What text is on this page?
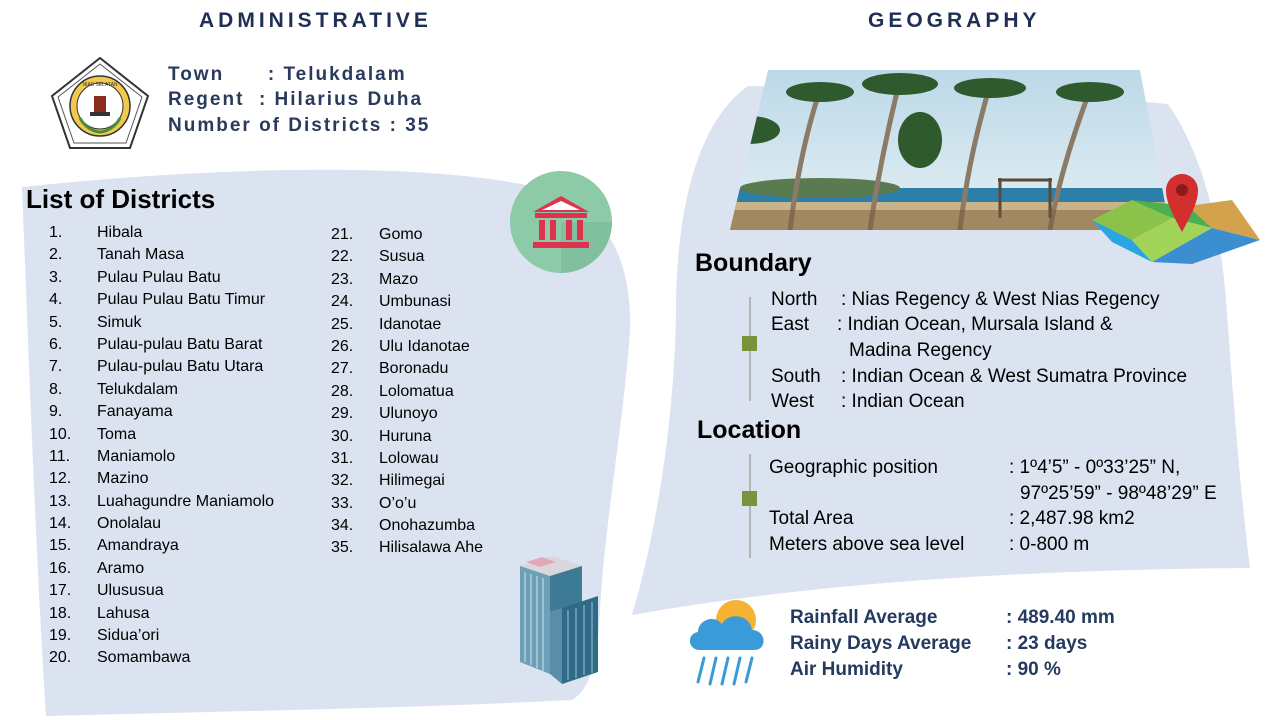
ADMINISTRATIVE	GEOGRAPHY
NIAS SELATAN	Town      : Telukdalam
Regent  : Hilarius Duha
Number of Districts : 35
List of Districts
1. Hibala
2. Tanah Masa
3. Pulau Pulau Batu
4. Pulau Pulau Batu Timur
5. Simuk
6. Pulau-pulau Batu Barat
7. Pulau-pulau Batu Utara
8. Telukdalam
9. Fanayama
10. Toma
11. Maniamolo
12. Mazino
13. Luahagundre Maniamolo
14. Onolalau
15. Amandraya
16. Aramo
17. Ulususua
18. Lahusa
19. Sidua’ori
20. Somambawa
21. Gomo
22. Susua
23. Mazo
24. Umbunasi
25. Idanotae
26. Ulu Idanotae
27. Boronadu
28. Lolomatua
29. Ulunoyo
30. Huruna
31. Lolowau
32. Hilimegai
33. O’o’u
34. Onohazumba
35. Hilisalawa Ahe
Boundary
North : Nias Regency & West Nias Regency
East : Indian Ocean, Mursala Island &
Madina Regency
South : Indian Ocean & West Sumatra Province
West : Indian Ocean
Location
Geographic position	: 1º4’5” - 0º33’25” N,
97º25’59” - 98º48’29” E
Total Area	: 2,487.98 km2
Meters above sea level : 0-800 m
Rainfall Average	: 489.40 mm
Rainy Days Average : 23 days
Air Humidity	: 90 %
